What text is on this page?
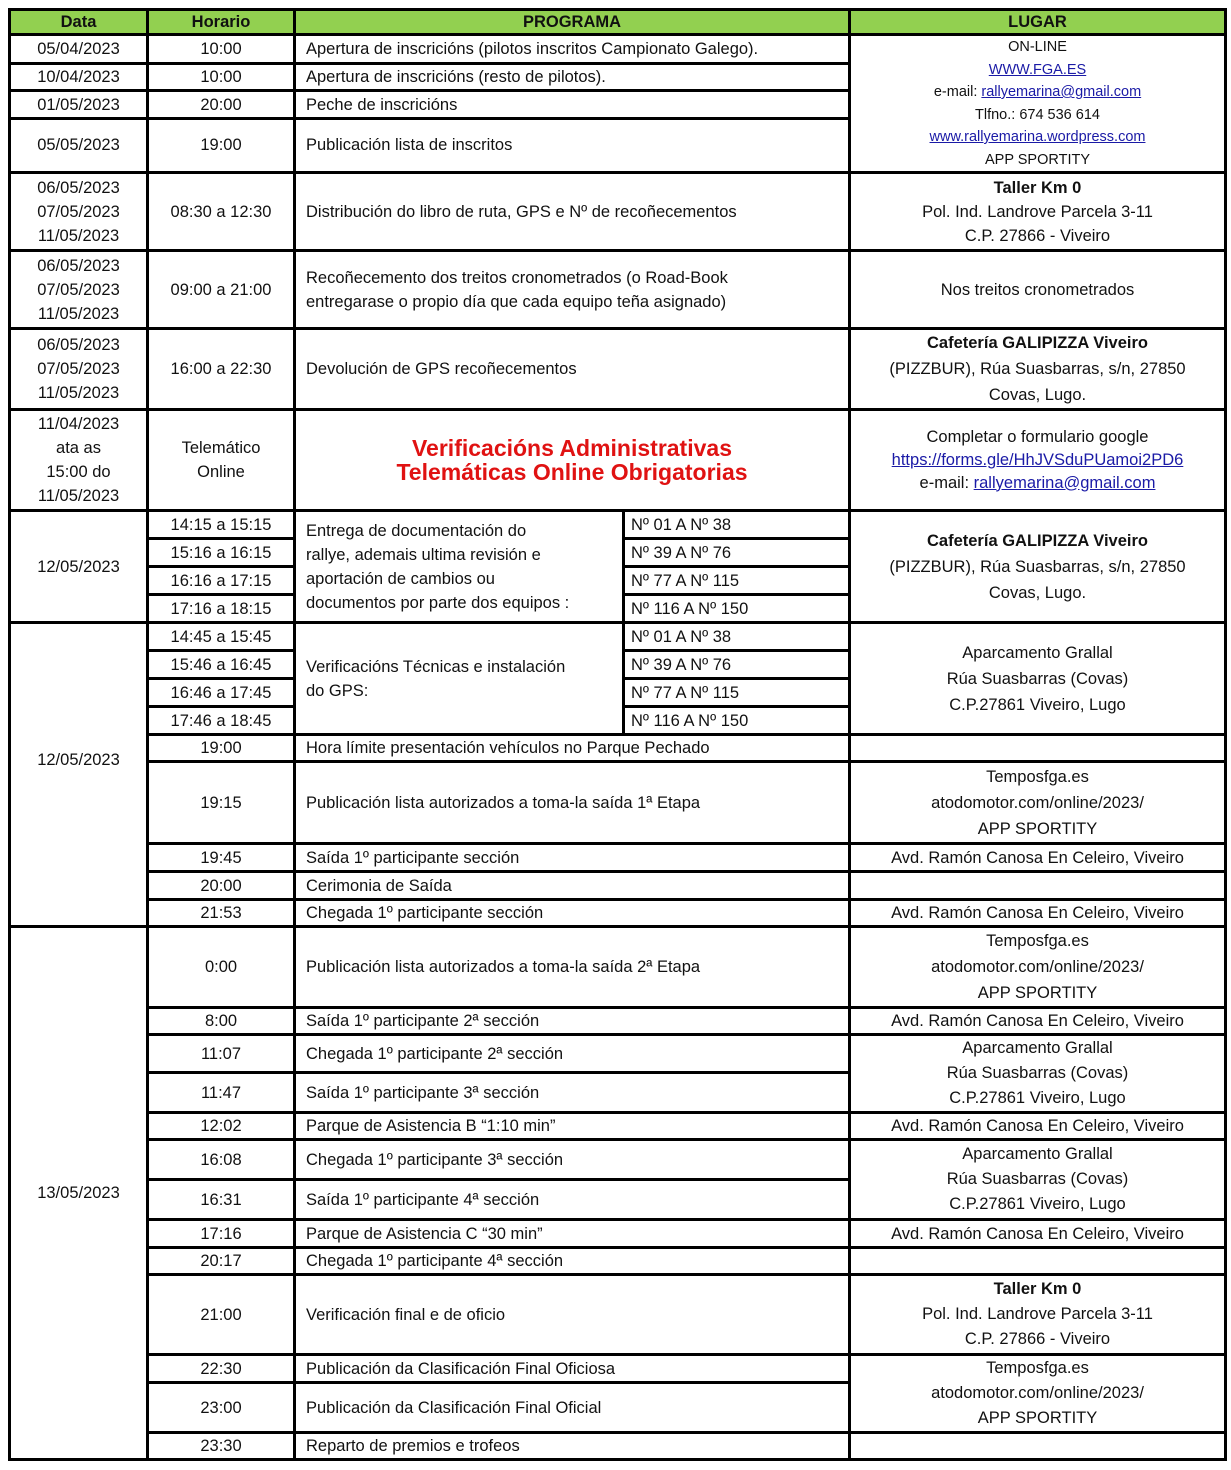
Data	Horario	PROGRAMA		LUGAR
05/04/2023	10:00	Apertura de inscricións (pilotos inscritos Campionato Galego).	ON-LINE
WWW.FGA.ES
e-mail: rallyemarina@gmail.com
Tlfno.: 674 536 614
www.rallyemarina.wordpress.com
APP SPORTITY

10/04/2023	10:00	Apertura de inscricións (resto de pilotos).		
01/05/2023	20:00	Peche de inscricións		
05/05/2023	19:00	Publicación lista de inscritos		

06/05/2023
07/05/2023
11/05/2023	08:30 a 12:30	Distribución do libro de ruta, GPS e Nº de recoñecementos		Taller Km 0
Pol. Ind. Landrove Parcela 3-11
C.P. 27866 - Viveiro

06/05/2023
07/05/2023
11/05/2023	09:00 a 21:00	Recoñecemento dos treitos cronometrados (o Road-Book
entregarase o propio día que cada equipo teña asignado)		Nos treitos cronometrados

06/05/2023
07/05/2023
11/05/2023	16:00 a 22:30	Devolución de GPS recoñecementos		Cafetería GALIPIZZA Viveiro
(PIZZBUR), Rúa Suasbarras, s/n, 27850
Covas, Lugo.

11/04/2023
ata as
15:00 do
11/05/2023	Telemático
Online	Verificacións Administrativas
Telemáticas Online Obrigatorias		Completar o formulario google
https://forms.gle/HhJVSduPUamoi2PD6
e-mail: rallyemarina@gmail.com

12/05/2023	14:15 a 15:15	Entrega de documentación do
rallye, ademais ultima revisión e
aportación de cambios ou
documentos por parte dos equipos :	Nº 01 A Nº 38	Cafetería GALIPIZZA Viveiro
(PIZZBUR), Rúa Suasbarras, s/n, 27850
Covas, Lugo.

	15:16 a 16:15		Nº 39 A Nº 76	
	16:16 a 17:15		Nº 77 A Nº 115	
	17:16 a 18:15		Nº 116 A Nº 150	
12/05/2023	14:45 a 15:45	Verificacións Técnicas e instalación
do GPS:	Nº 01 A Nº 38	Aparcamento Grallal
Rúa Suasbarras (Covas)
C.P.27861 Viveiro, Lugo

	15:46 a 16:45		Nº 39 A Nº 76	
	16:46 a 17:45		Nº 77 A Nº 115	
	17:46 a 18:45		Nº 116 A Nº 150	
	19:00	Hora límite presentación vehículos no Parque Pechado		
	19:15	Publicación lista autorizados a toma-la saída 1ª Etapa		Temposfga.es
atodomotor.com/online/2023/
APP SPORTITY

	19:45	Saída 1º participante sección		Avd. Ramón Canosa En Celeiro, Viveiro
	20:00	Cerimonia de Saída		
	21:53	Chegada 1º participante sección		Avd. Ramón Canosa En Celeiro, Viveiro
13/05/2023	0:00	Publicación lista autorizados a toma-la saída 2ª Etapa		Temposfga.es
atodomotor.com/online/2023/
APP SPORTITY

	8:00	Saída 1º participante 2ª sección		Avd. Ramón Canosa En Celeiro, Viveiro
	11:07	Chegada 1º participante 2ª sección		Aparcamento Grallal
Rúa Suasbarras (Covas)
C.P.27861 Viveiro, Lugo

	11:47	Saída 1º participante 3ª sección		
	12:02	Parque de Asistencia B “1:10 min”		Avd. Ramón Canosa En Celeiro, Viveiro
	16:08	Chegada 1º participante 3ª sección		Aparcamento Grallal
Rúa Suasbarras (Covas)
C.P.27861 Viveiro, Lugo

	16:31	Saída 1º participante 4ª sección		
	17:16	Parque de Asistencia C “30 min”		Avd. Ramón Canosa En Celeiro, Viveiro
	20:17	Chegada 1º participante 4ª sección		
	21:00	Verificación final e de oficio		Taller Km 0
Pol. Ind. Landrove Parcela 3-11
C.P. 27866 - Viveiro

	22:30	Publicación da Clasificación Final Oficiosa		Temposfga.es
atodomotor.com/online/2023/
APP SPORTITY

	23:00	Publicación da Clasificación Final Oficial		
	23:30	Reparto de premios e trofeos		
